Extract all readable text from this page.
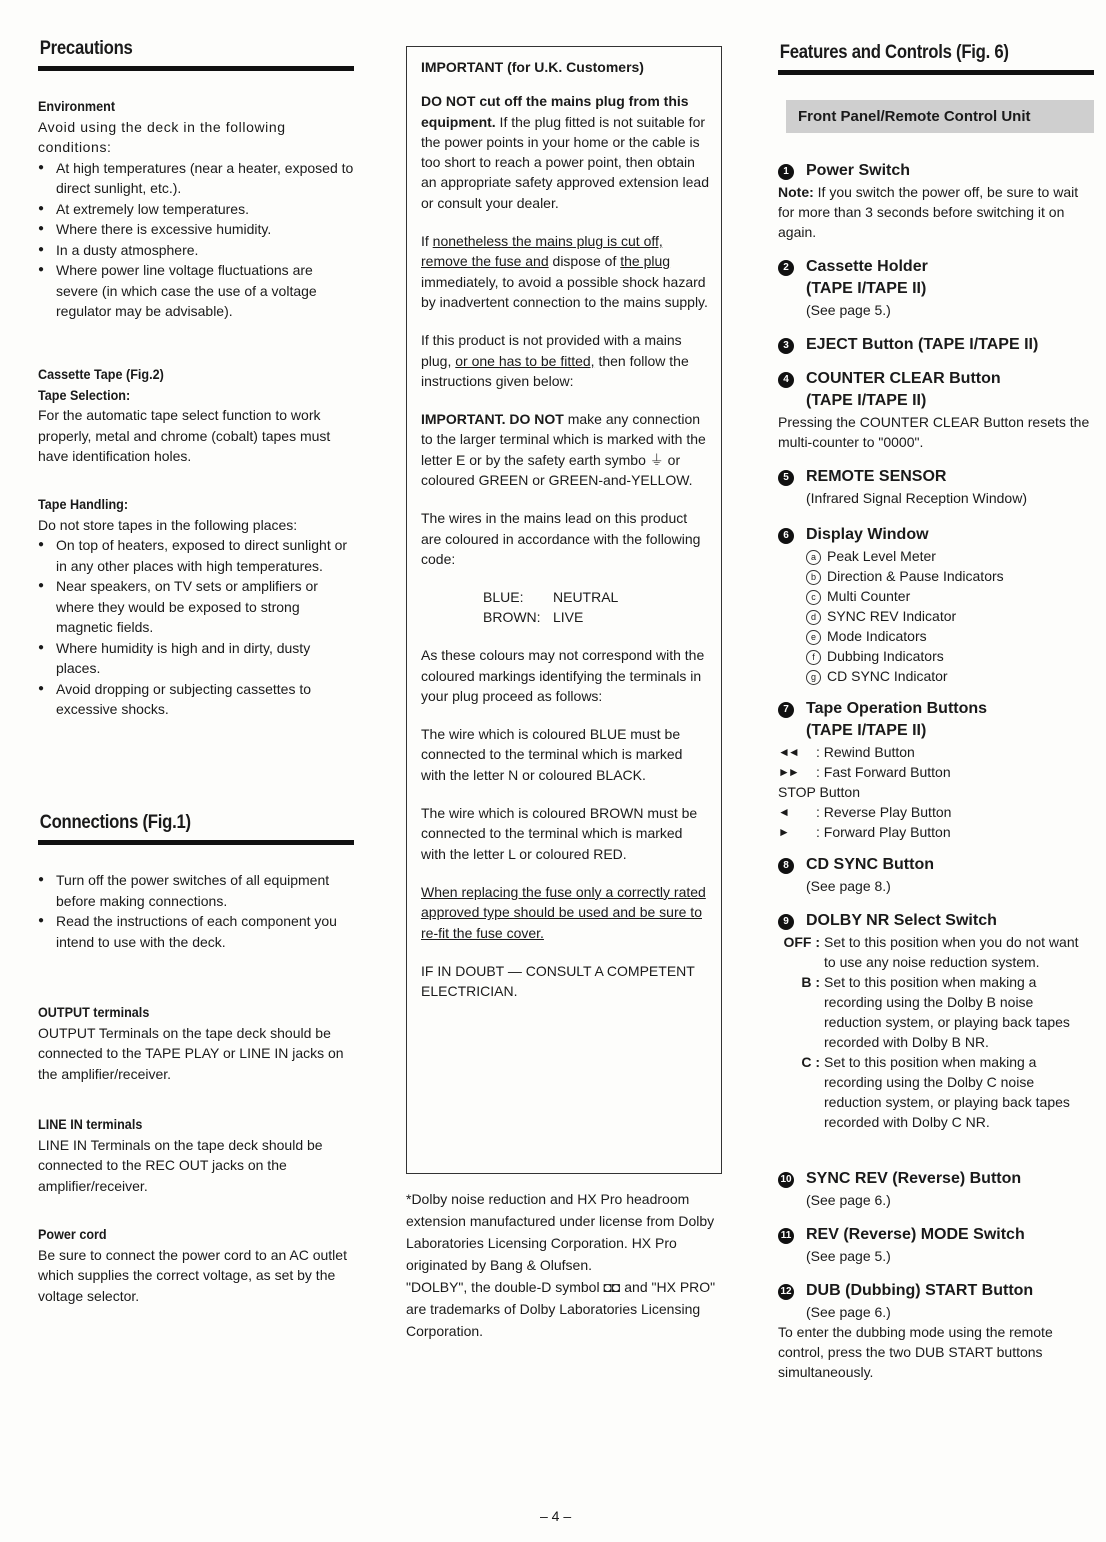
Precautions
Environment
Avoid using the deck in the following conditions:
● At high temperatures (near a heater, exposed to direct sunlight, etc.).
● At extremely low temperatures.
● Where there is excessive humidity.
● In a dusty atmosphere.
● Where power line voltage fluctuations are severe (in which case the use of a voltage regulator may be advisable).
Cassette Tape (Fig.2)
Tape Selection:
For the automatic tape select function to work properly, metal and chrome (cobalt) tapes must have identification holes.
Tape Handling:
Do not store tapes in the following places:
● On top of heaters, exposed to direct sunlight or in any other places with high temperatures.
● Near speakers, on TV sets or amplifiers or where they would be exposed to strong magnetic fields.
● Where humidity is high and in dirty, dusty places.
● Avoid dropping or subjecting cassettes to excessive shocks.
Connections (Fig.1)
● Turn off the power switches of all equipment before making connections.
● Read the instructions of each component you intend to use with the deck.
OUTPUT terminals
OUTPUT Terminals on the tape deck should be connected to the TAPE PLAY or LINE IN jacks on the amplifier/receiver.
LINE IN terminals
LINE IN Terminals on the tape deck should be connected to the REC OUT jacks on the amplifier/receiver.
Power cord
Be sure to connect the power cord to an AC outlet which supplies the correct voltage, as set by the voltage selector.

IMPORTANT (for U.K. Customers)

DO NOT cut off the mains plug from this equipment. If the plug fitted is not suitable for the power points in your home or the cable is too short to reach a power point, then obtain an appropriate safety approved extension lead or consult your dealer.

If nonetheless the mains plug is cut off, remove the fuse and dispose of the plug immediately, to avoid a possible shock hazard by inadvertent connection to the mains supply.

If this product is not provided with a mains plug, or one has to be fitted, then follow the instructions given below:

IMPORTANT. DO NOT make any connection to the larger terminal which is marked with the letter E or by the safety earth symbo ⏚ or coloured GREEN or GREEN-and-YELLOW.

The wires in the mains lead on this product are coloured in accordance with the following code:

BLUE: NEUTRAL
BROWN: LIVE

As these colours may not correspond with the coloured markings identifying the terminals in your plug proceed as follows:

The wire which is coloured BLUE must be connected to the terminal which is marked with the letter N or coloured BLACK.

The wire which is coloured BROWN must be connected to the terminal which is marked with the letter L or coloured RED.

When replacing the fuse only a correctly rated approved type should be used and be sure to re-fit the fuse cover.

IF IN DOUBT — CONSULT A COMPETENT ELECTRICIAN.

*Dolby noise reduction and HX Pro headroom extension manufactured under license from Dolby Laboratories Licensing Corporation. HX Pro originated by Bang & Olufsen.

"DOLBY", the double-D symbol ◘◘ and "HX PRO" are trademarks of Dolby Laboratories Licensing Corporation.

Features and Controls (Fig. 6)
Front Panel/Remote Control Unit
1 Power Switch
Note: If you switch the power off, be sure to wait for more than 3 seconds before switching it on again.
2 Cassette Holder
(TAPE I/TAPE II)
(See page 5.)
3 EJECT Button (TAPE I/TAPE II)
4 COUNTER CLEAR Button
(TAPE I/TAPE II)
Pressing the COUNTER CLEAR Button resets the multi-counter to "0000".
5 REMOTE SENSOR
(Infrared Signal Reception Window)
6 Display Window
a Peak Level Meter
b Direction & Pause Indicators
c Multi Counter
d SYNC REV Indicator
e Mode Indicators
f Dubbing Indicators
g CD SYNC Indicator
7 Tape Operation Buttons
(TAPE I/TAPE II)
◄◄	: Rewind Button
►►	: Fast Forward Button
STOP Button
◄	: Reverse Play Button
►	: Forward Play Button
8 CD SYNC Button
(See page 8.)
9 DOLBY NR Select Switch
OFF : Set to this position when you do not want to use any noise reduction system.
B : Set to this position when making a recording using the Dolby B noise reduction system, or playing back tapes recorded with Dolby B NR.
C : Set to this position when making a recording using the Dolby C noise reduction system, or playing back tapes recorded with Dolby C NR.
10 SYNC REV (Reverse) Button
(See page 6.)
11 REV (Reverse) MODE Switch
(See page 5.)
12 DUB (Dubbing) START Button
(See page 6.)
To enter the dubbing mode using the remote control, press the two DUB START buttons simultaneously.
– 4 –
